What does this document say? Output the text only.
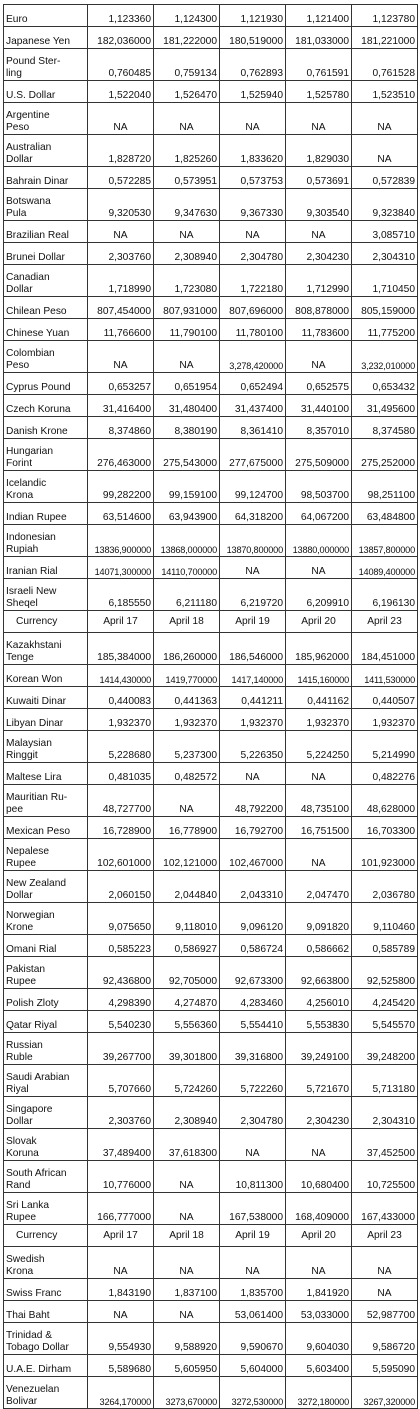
Euro	1,123360	1,124300	1,121930	1,121400	1,123780
Japanese Yen	182,036000	181,222000	180,519000	181,033000	181,221000
Pound Ster-
ling	0,760485	0,759134	0,762893	0,761591	0,761528
U.S. Dollar	1,522040	1,526470	1,525940	1,525780	1,523510
Argentine
Peso	NA	NA	NA	NA	NA
Australian
Dollar	1,828720	1,825260	1,833620	1,829030	NA
Bahrain Dinar	0,572285	0,573951	0,573753	0,573691	0,572839
Botswana
Pula	9,320530	9,347630	9,367330	9,303540	9,323840
Brazilian Real	NA	NA	NA	NA	3,085710
Brunei Dollar	2,303760	2,308940	2,304780	2,304230	2,304310
Canadian
Dollar	1,718990	1,723080	1,722180	1,712990	1,710450
Chilean Peso	807,454000	807,931000	807,696000	808,878000	805,159000
Chinese Yuan	11,766600	11,790100	11,780100	11,783600	11,775200
Colombian
Peso	NA	NA	3,278,420000	NA	3,232,010000
Cyprus Pound	0,653257	0,651954	0,652494	0,652575	0,653432
Czech Koruna	31,416400	31,480400	31,437400	31,440100	31,495600
Danish Krone	8,374860	8,380190	8,361410	8,357010	8,374580
Hungarian
Forint	276,463000	275,543000	277,675000	275,509000	275,252000
Icelandic
Krona	99,282200	99,159100	99,124700	98,503700	98,251100
Indian Rupee	63,514600	63,943900	64,318200	64,067200	63,484800
Indonesian
Rupiah	13836,900000	13868,000000	13870,800000	13880,000000	13857,800000
Iranian Rial	14071,300000	14110,700000	NA	NA	14089,400000
Israeli New
Sheqel	6,185550	6,211180	6,219720	6,209910	6,196130
Currency	April 17	April 18	April 19	April 20	April 23
Kazakhstani
Tenge	185,384000	186,260000	186,546000	185,962000	184,451000
Korean Won	1414,430000	1419,770000	1417,140000	1415,160000	1411,530000
Kuwaiti Dinar	0,440083	0,441363	0,441211	0,441162	0,440507
Libyan Dinar	1,932370	1,932370	1,932370	1,932370	1,932370
Malaysian
Ringgit	5,228680	5,237300	5,226350	5,224250	5,214990
Maltese Lira	0,481035	0,482572	NA	NA	0,482276
Mauritian Ru-
pee	48,727700	NA	48,792200	48,735100	48,628000
Mexican Peso	16,728900	16,778900	16,792700	16,751500	16,703300
Nepalese
Rupee	102,601000	102,121000	102,467000	NA	101,923000
New Zealand
Dollar	2,060150	2,044840	2,043310	2,047470	2,036780
Norwegian
Krone	9,075650	9,118010	9,096120	9,091820	9,110460
Omani Rial	0,585223	0,586927	0,586724	0,586662	0,585789
Pakistan
Rupee	92,436800	92,705000	92,673300	92,663800	92,525800
Polish Zloty	4,298390	4,274870	4,283460	4,256010	4,245420
Qatar Riyal	5,540230	5,556360	5,554410	5,553830	5,545570
Russian
Ruble	39,267700	39,301800	39,316800	39,249100	39,248200
Saudi Arabian
Riyal	5,707660	5,724260	5,722260	5,721670	5,713180
Singapore
Dollar	2,303760	2,308940	2,304780	2,304230	2,304310
Slovak
Koruna	37,489400	37,618300	NA	NA	37,452500
South African
Rand	10,776000	NA	10,811300	10,680400	10,725500
Sri Lanka
Rupee	166,777000	NA	167,538000	168,409000	167,433000
Currency	April 17	April 18	April 19	April 20	April 23
Swedish
Krona	NA	NA	NA	NA	NA
Swiss Franc	1,843190	1,837100	1,835700	1,841920	NA
Thai Baht	NA	NA	53,061400	53,033000	52,987700
Trinidad &
Tobago Dollar	9,554930	9,588920	9,590670	9,604030	9,586720
U.A.E. Dirham	5,589680	5,605950	5,604000	5,603400	5,595090
Venezuelan
Bolivar	3264,170000	3273,670000	3272,530000	3272,180000	3267,320000
